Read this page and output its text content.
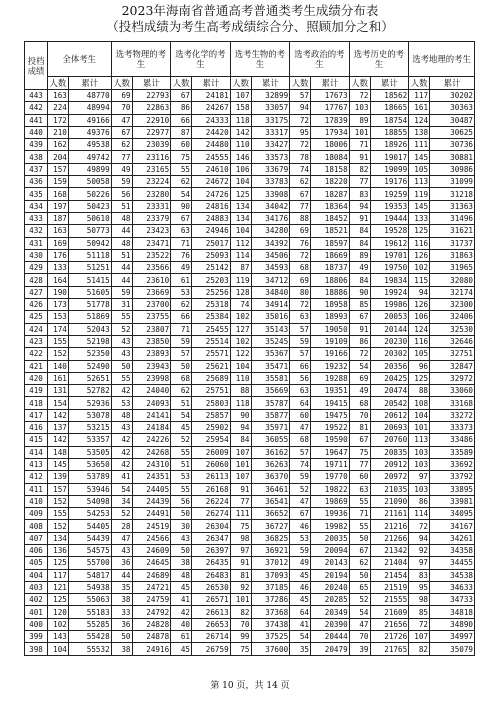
2023年海南省普通高考普通类考生成绩分布表
（投档成绩为考生高考成绩综合分、照顾加分之和）
投档成绩	全体考生		选考物理的考生		选考化学的考生		选考生物的考生		选考政治的考生		选考历史的考生		选考地理的考生	
	人数	累计	人数	累计	人数	累计	人数	累计	人数	累计	人数	累计	人数	累计
443	163	48770	69	22793	67	24181	107	32899	57	17673	72	18562	117	30202
442	224	48994	70	22863	86	24267	158	33057	94	17767	103	18665	161	30363
441	172	49166	47	22910	66	24333	118	33175	72	17839	89	18754	124	30487
440	210	49376	67	22977	87	24420	142	33317	95	17934	101	18855	138	30625
439	162	49538	62	23039	60	24480	110	33427	72	18006	71	18926	111	30736
438	204	49742	77	23116	75	24555	146	33573	78	18084	91	19017	145	30881
437	157	49899	49	23165	55	24610	106	33679	74	18158	82	19099	105	30986
436	159	50058	59	23224	62	24672	104	33783	62	18220	77	19176	113	31099
435	168	50226	56	23280	54	24726	125	33908	67	18287	83	19259	119	31218
434	197	50423	51	23331	90	24816	134	34042	77	18364	94	19353	145	31363
433	187	50610	48	23379	67	24883	134	34176	88	18452	91	19444	133	31496
432	163	50773	44	23423	63	24946	104	34280	69	18521	84	19528	125	31621
431	169	50942	48	23471	71	25017	112	34392	76	18597	84	19612	116	31737
430	176	51118	51	23522	76	25093	114	34506	72	18669	89	19701	126	31863
429	133	51251	44	23566	49	25142	87	34593	68	18737	49	19750	102	31965
428	164	51415	44	23610	61	25203	119	34712	69	18806	84	19834	115	32080
427	190	51605	59	23669	53	25256	128	34840	80	18886	90	19924	94	32174
426	173	51778	31	23700	62	25318	74	34914	72	18958	85	19986	126	32300
425	153	51869	55	23755	66	25384	102	35016	63	18993	67	20053	106	32406
424	174	52043	52	23807	71	25455	127	35143	57	19050	91	20144	124	32530
423	155	52198	43	23850	59	25514	102	35245	59	19109	86	20230	116	32646
422	152	52350	43	23893	57	25571	122	35367	57	19166	72	20302	105	32751
421	140	52490	50	23943	50	25621	104	35471	66	19232	54	20356	96	32847
420	161	52651	55	23998	68	25689	110	35581	56	19288	69	20425	125	32972
419	131	52782	42	24040	62	25751	88	35669	63	19351	49	20474	88	33060
418	154	52936	53	24093	51	25803	118	35787	64	19415	68	20542	108	33168
417	142	53078	48	24141	54	25857	90	35877	60	19475	70	20612	104	33272
416	137	53215	43	24184	45	25902	94	35971	47	19522	81	20693	101	33373
415	142	53357	42	24226	52	25954	84	36055	68	19590	67	20760	113	33486
414	148	53505	42	24268	55	26009	107	36162	57	19647	75	20835	103	33589
413	145	53650	42	24310	51	26060	101	36263	74	19711	77	20912	103	33692
412	139	53789	41	24351	53	26113	107	36370	59	19770	60	20972	97	33792
411	157	53946	54	24405	55	26168	91	36461	52	19822	63	21035	103	33895
410	152	54098	34	24439	56	26224	77	36541	47	19869	55	21090	86	33981
409	155	54253	52	24491	50	26274	111	36652	67	19936	71	21161	114	34095
408	152	54405	28	24519	30	26304	75	36727	46	19982	55	21216	72	34167
407	134	54439	47	24566	43	26347	98	36825	53	20035	50	21266	94	34261
406	136	54575	43	24609	50	26397	97	36921	59	20094	67	21342	92	34358
405	125	55700	36	24645	38	26435	91	37012	49	20143	62	21404	97	34455
404	117	54817	44	24689	48	26483	81	37093	45	20194	50	21454	83	34538
403	121	54938	35	24721	45	26530	92	37185	46	20240	65	21519	95	34633
402	125	55063	38	24759	41	26571	101	37286	45	20285	52	21555	98	34733
401	120	55183	33	24792	42	26613	82	37368	64	20349	54	21609	85	34818
400	102	55285	36	24828	40	26653	70	37438	41	20390	47	21656	72	34890
399	143	55428	50	24878	61	26714	99	37525	54	20444	70	21726	107	34997
398	104	55532	38	24916	45	26759	75	37600	35	20479	39	21765	82	35079
第 10 页，共 14 页
